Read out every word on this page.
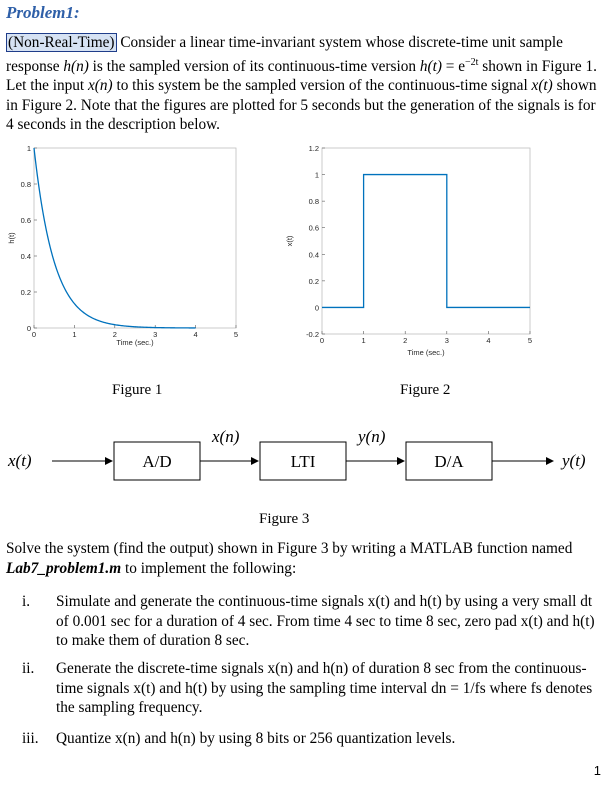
Problem1:

(Non-Real-Time) Consider a linear time-invariant system whose discrete-time unit sample response h(n) is the sampled version of its continuous-time version $h(t) = e^{-2t}$ shown in Figure 1. Let the input x(n) to this system be the sampled version of the continuous-time signal x(t) shown in Figure 2. Note that the figures are plotted for 5 seconds but the generation of the signals is for 4 seconds in the description below.

0	1	2	3	4	5
0
0.2
0.4
0.6
0.8
1
Time (sec.)
h(t)
Figure 1
0	1	2	3	4	5
-0.2
0
0.2
0.4
0.6
0.8
1
1.2
Time (sec.)
x(t)
Figure 2
x(t)	A/D
x(n)
LTI
y(n)
D/A	y(t)
Figure 3

Solve the system (find the output) shown in Figure 3 by writing a MATLAB function named Lab7_problem1.m to implement the following:

i. Simulate and generate the continuous-time signals x(t) and h(t) by using a very small dt of 0.001 sec for a duration of 4 sec. From time 4 sec to time 8 sec, zero pad x(t) and h(t) to make them of duration 8 sec.
ii. Generate the discrete-time signals x(n) and h(n) of duration 8 sec from the continuous-time signals x(t) and h(t) by using the sampling time interval dn = 1/fs where fs denotes the sampling frequency.
iii. Quantize x(n) and h(n) by using 8 bits or 256 quantization levels.
1
